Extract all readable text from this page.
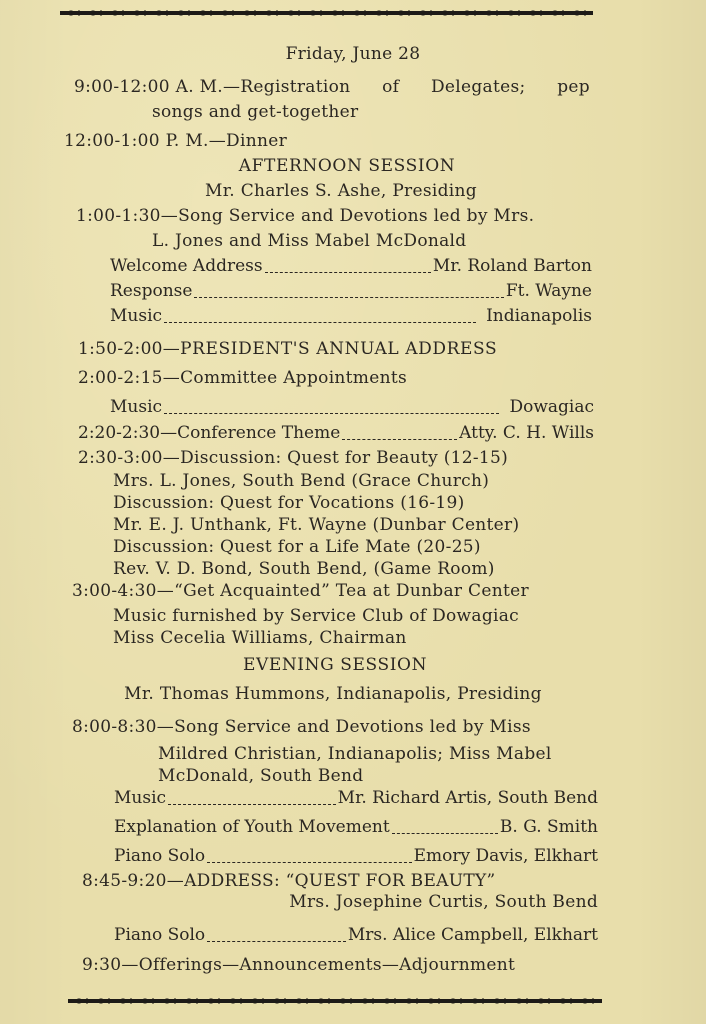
Friday, June 28
9:00-12:00 A. M.—Registration of Delegates; pep
songs and get-together
12:00-1:00 P. M.—Dinner
AFTERNOON SESSION
Mr. Charles S. Ashe, Presiding
1:00-1:30—Song Service and Devotions led by Mrs.
L. Jones and Miss Mabel McDonald
Welcome Address	Mr. Roland Barton
Response	Ft. Wayne
Music	Indianapolis
1:50-2:00—PRESIDENT'S ANNUAL ADDRESS
2:00-2:15—Committee Appointments
Music	Dowagiac
2:20-2:30—Conference Theme	Atty. C. H. Wills
2:30-3:00—Discussion: Quest for Beauty (12-15)
Mrs. L. Jones, South Bend (Grace Church)
Discussion: Quest for Vocations (16-19)
Mr. E. J. Unthank, Ft. Wayne (Dunbar Center)
Discussion: Quest for a Life Mate (20-25)
Rev. V. D. Bond, South Bend, (Game Room)
3:00-4:30—“Get Acquainted” Tea at Dunbar Center
Music furnished by Service Club of Dowagiac
Miss Cecelia Williams, Chairman
EVENING SESSION
Mr. Thomas Hummons, Indianapolis, Presiding
8:00-8:30—Song Service and Devotions led by Miss
Mildred Christian, Indianapolis; Miss Mabel
McDonald, South Bend
Music	Mr. Richard Artis, South Bend
Explanation of Youth Movement	B. G. Smith
Piano Solo	Emory Davis, Elkhart
8:45-9:20—ADDRESS: “QUEST FOR BEAUTY”
Mrs. Josephine Curtis, South Bend
Piano Solo	Mrs. Alice Campbell, Elkhart
9:30—Offerings—Announcements—Adjournment
